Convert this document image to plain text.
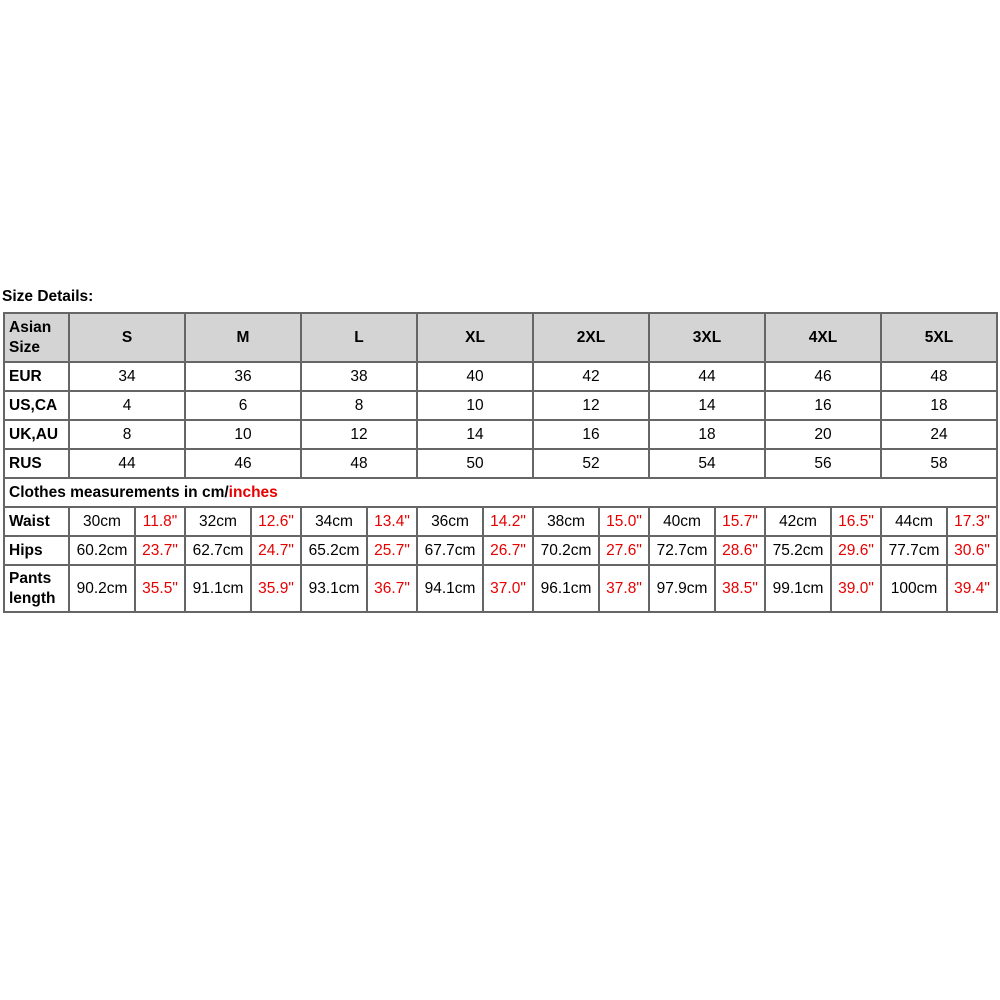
Size Details:
Asian
Size	S		M		L		XL		2XL		3XL		4XL		5XL	
EUR	34		36		38		40		42		44		46		48	
US,CA	4		6		8		10		12		14		16		18	
UK,AU	8		10		12		14		16		18		20		24	
RUS	44		46		48		50		52		54		56		58	
Clothes measurements in cm/inches																
Waist	30cm	11.8"	32cm	12.6"	34cm	13.4"	36cm	14.2"	38cm	15.0"	40cm	15.7"	42cm	16.5"	44cm	17.3"
Hips	60.2cm	23.7"	62.7cm	24.7"	65.2cm	25.7"	67.7cm	26.7"	70.2cm	27.6"	72.7cm	28.6"	75.2cm	29.6"	77.7cm	30.6"
Pants
length	90.2cm	35.5"	91.1cm	35.9"	93.1cm	36.7"	94.1cm	37.0"	96.1cm	37.8"	97.9cm	38.5"	99.1cm	39.0"	100cm	39.4"
